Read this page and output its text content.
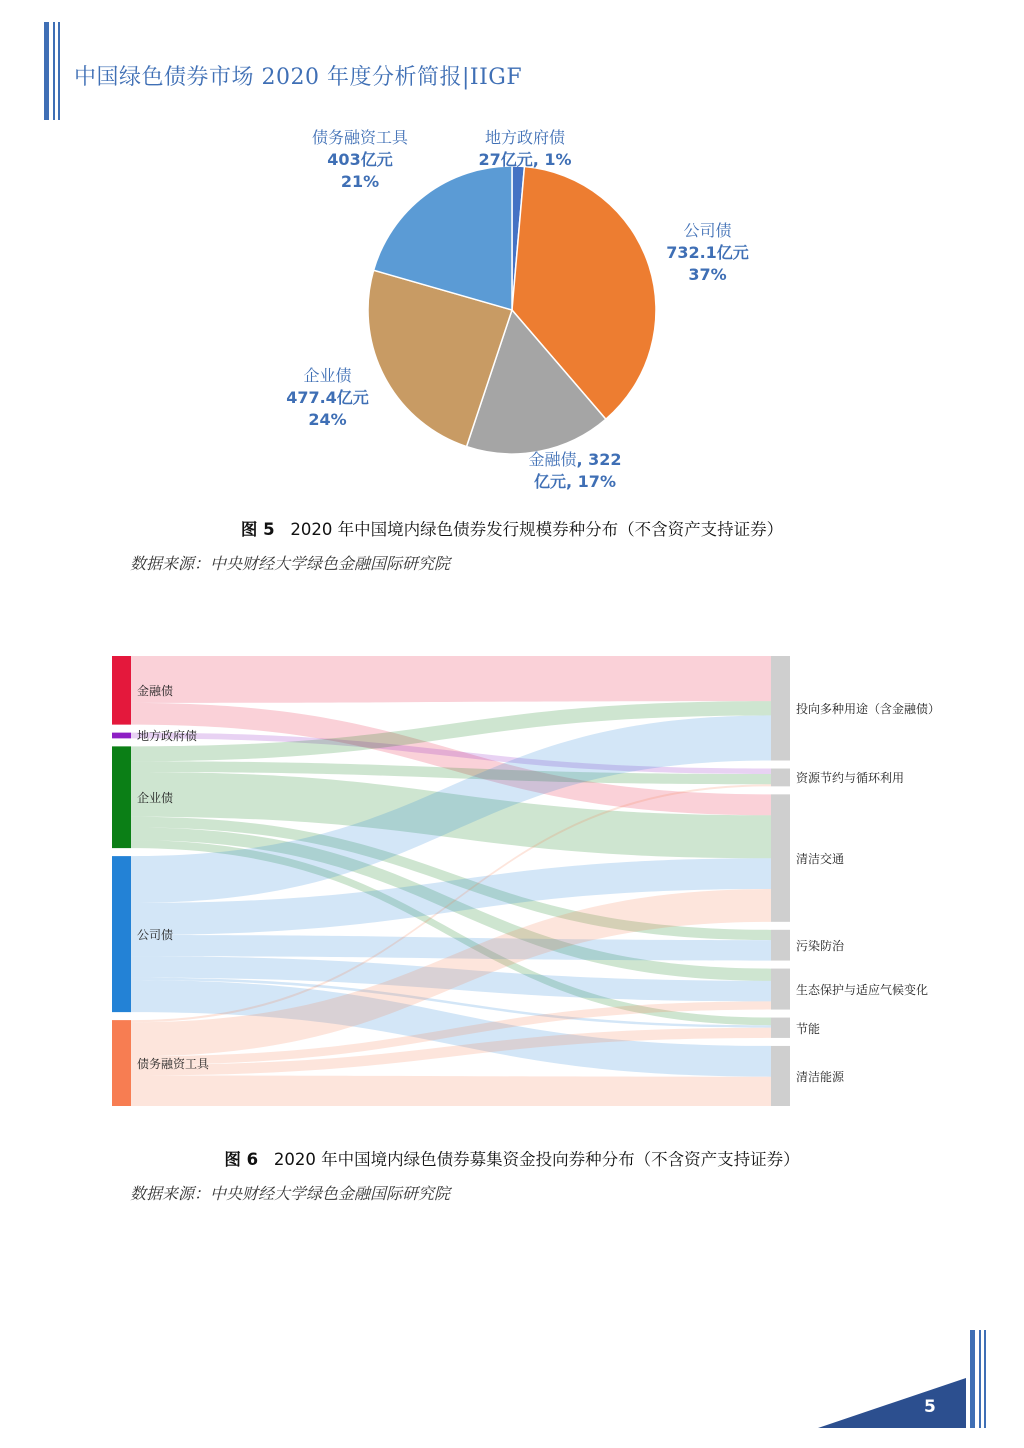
中国绿色债券市场 2020 年度分析简报|IIGF
债务融资工具
403亿元
21%
地方政府债
27亿元, 1%
公司债
732.1亿元
37%
企业债
477.4亿元
24%
金融债, 322
亿元, 17%
图 5 2020 年中国境内绿色债券发行规模券种分布（不含资产支持证券）
数据来源：中央财经大学绿色金融国际研究院
金融债
地方政府债
企业债
公司债
债务融资工具
投向多种用途（含金融债）
资源节约与循环利用
清洁交通
污染防治
生态保护与适应气候变化
节能
清洁能源
图 6 2020 年中国境内绿色债券募集资金投向券种分布（不含资产支持证券）
数据来源：中央财经大学绿色金融国际研究院
5
